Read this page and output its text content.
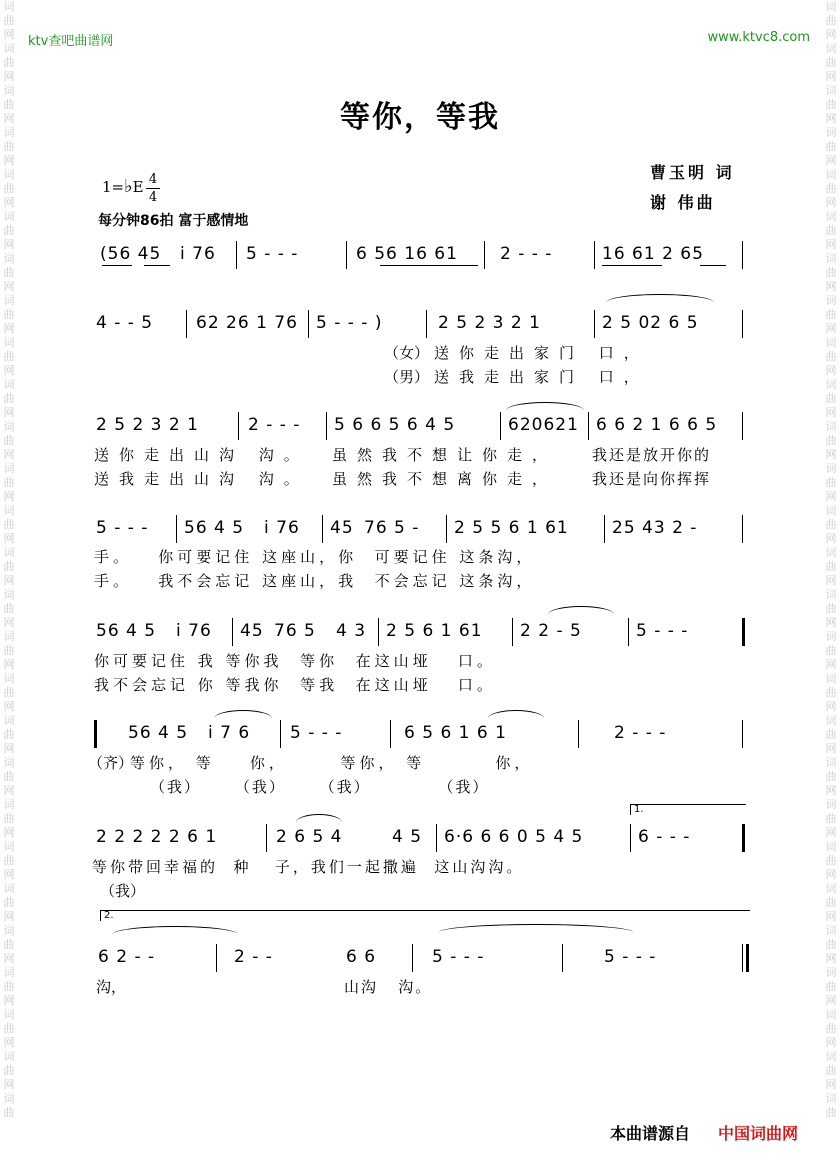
词
曲
网
词
曲
网
词
曲
网
词
曲
网
词
曲
网
词
曲
网
词
曲
网
词
曲
网
词
曲
网
词
曲
网
词
曲
网
词
曲
网
词
曲
网
词
曲
网
词
曲
网
词
曲
网
词
曲
网
词
曲
网
词
曲
网
词
曲
网
词
曲
网
词
曲
网
词
曲
网
词
曲
网
词
曲
网
词
曲
网
词
曲
词
曲
网
词
曲
网
词
曲
网
词
曲
网
词
曲
网
词
曲
网
词
曲
网
词
曲
网
词
曲
网
词
曲
网
词
曲
网
词
曲
网
词
曲
网
词
曲
网
词
曲
网
词
曲
网
词
曲
网
词
曲
网
词
曲
网
词
曲
网
词
曲
网
词
曲
网
词
曲
网
词
曲
网
词
曲
网
词
曲
网
词
曲
ktv查吧曲谱网	www.ktvc8.com
等你，等我
曹玉明 词
谢 伟曲
1=♭E 4
4
每分钟86拍 富于感情地
(56 45 i 76 5 - - -	6 56 16 61 2 - - -	16 61 2 65
4 - - 5	62 26 1 76 5 - - - )	2 5 2 3 2 1	2 5 02 6 5
（女） 送你走出家门 口，
（男） 送我走出家门 口，
2 5 2 3 2 1	2 - - - 5 6 6 5 6 4 5	620621 6 6 2 1 6 6 5
送你走出山沟 沟。 虽然我不想让你走， 我还是放开你的
送我走出山沟 沟。 虽然我不想离你走， 我还是向你挥挥
5 - - - 56 4 5 i 76 45 76 5 - 2 5 5 6 1 61	25 43 2 -
手。   你可要记住 这座山，你  可要记住 这条沟，
手。   我不会忘记 这座山，我  不会忘记 这条沟，
56 4 5 i 76 45 76 5 4 3 2 5 6 1 61 2 2 - 5	5 - - -
你可要记住 我 等你我  等你  在这山垭   口。
我不会忘记 你 等我你  等我  在这山垭   口。
56 4 5 i 7 6 5 - - -	6 5 6 1 6 1	2 - - -
（齐）
等你， 等    你，      等你， 等        你，
（我）     （我）     （我）          （我）
1.
2 2 2 2 2 6 1	2 6 5 4	4 5 6·6 6 6 0 5 4 5	6 - - -
等你带回幸福的  种   子，我们一起撒遍  这山沟沟。
（我）
2.
6 2 - -	2 - -	6 6	5 - - -	5 - - -
沟，	山沟   沟。
本曲谱源自 中国词曲网
